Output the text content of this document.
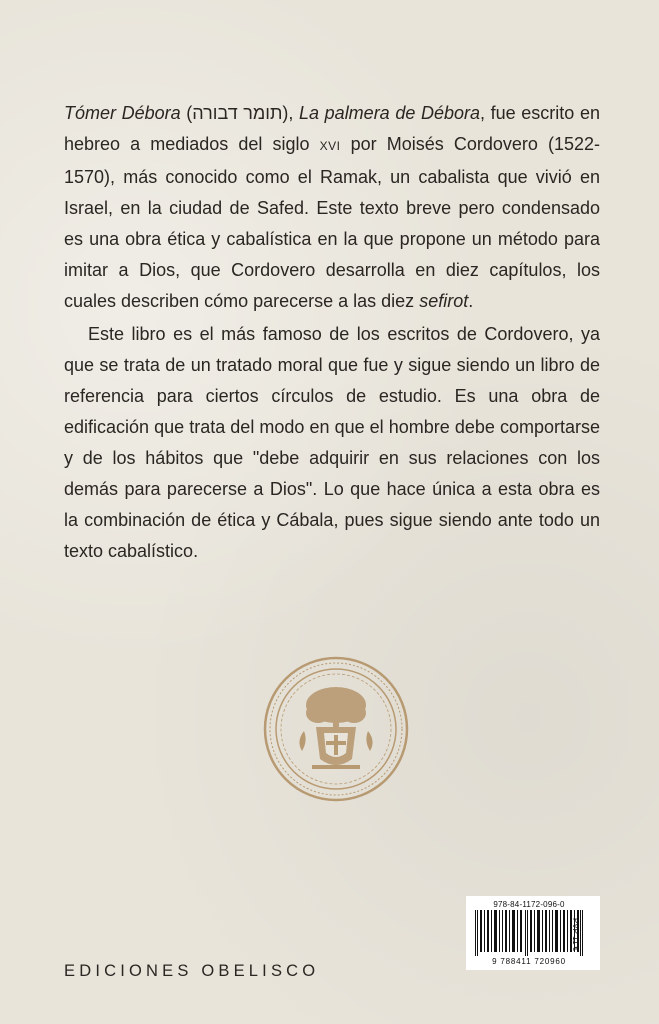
Tómer Débora (תומר דבורה), La palmera de Débora, fue escrito en hebreo a mediados del siglo XVI por Moisés Cordovero (1522-1570), más conocido como el Ramak, un cabalista que vivió en Israel, en la ciudad de Safed. Este texto breve pero condensado es una obra ética y cabalística en la que propone un método para imitar a Dios, que Cordovero desarrolla en diez capítulos, los cuales describen cómo parecerse a las diez sefirot.

Este libro es el más famoso de los escritos de Cordovero, ya que se trata de un tratado moral que fue y sigue siendo un libro de referencia para ciertos círculos de estudio. Es una obra de edificación que trata del modo en que el hombre debe comportarse y de los hábitos que "debe adquirir en sus relaciones con los demás para parecerse a Dios". Lo que hace única a esta obra es la combinación de ética y Cábala, pues sigue siendo ante todo un texto cabalístico.

EDICIONES OBELISCO
978-84-1172-096-0
9 788411 720960
PVP 11 €
